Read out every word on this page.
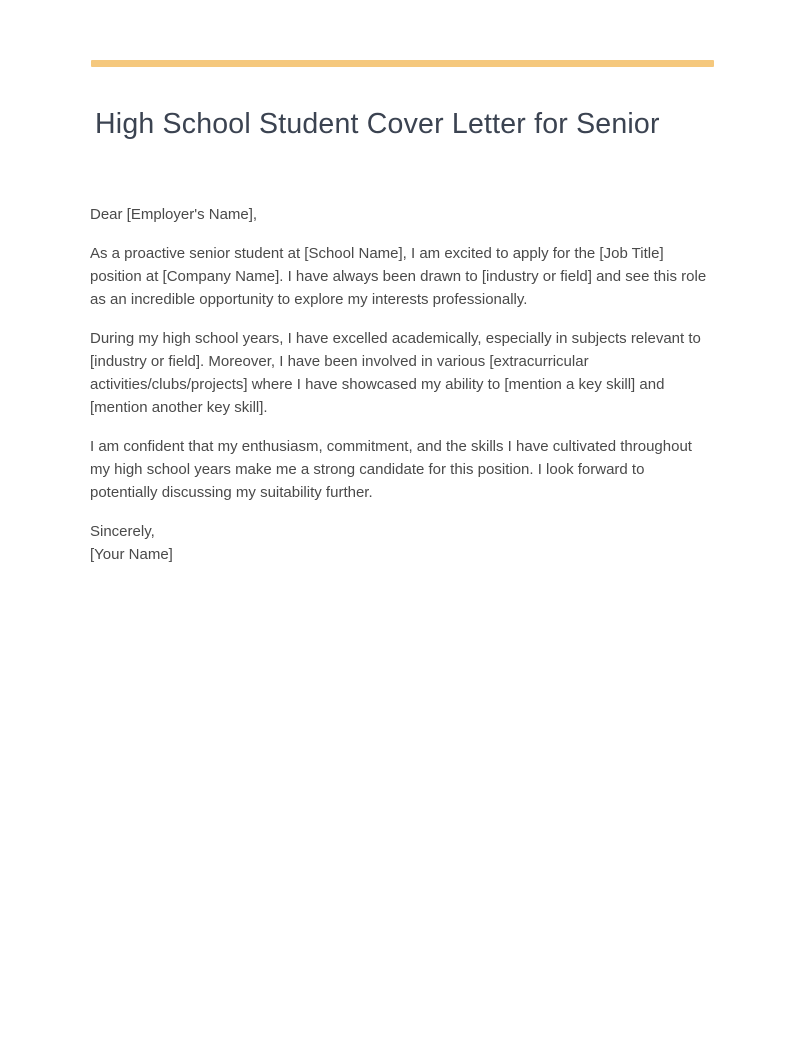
High School Student Cover Letter for Senior

Dear [Employer's Name],

As a proactive senior student at [School Name], I am excited to apply for the [Job Title] position at [Company Name]. I have always been drawn to [industry or field] and see this role as an incredible opportunity to explore my interests professionally.

During my high school years, I have excelled academically, especially in subjects relevant to [industry or field]. Moreover, I have been involved in various [extracurricular activities/clubs/projects] where I have showcased my ability to [mention a key skill] and [mention another key skill].

I am confident that my enthusiasm, commitment, and the skills I have cultivated throughout my high school years make me a strong candidate for this position. I look forward to potentially discussing my suitability further.

Sincerely,

[Your Name]
